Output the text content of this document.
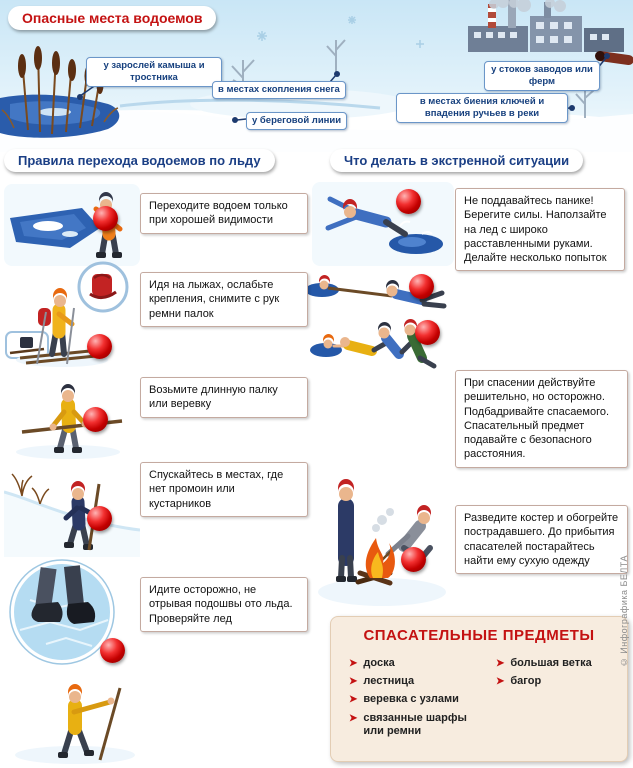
Опасные места водоемов
у зарослей камыша и тростника
в местах скопления снега
у береговой линии
у стоков заводов или ферм
в местах биения ключей и впадения ручьев в реки
Правила перехода водоемов по льду	Что делать в экстренной ситуации
Переходите водоем только при хорошей видимости
Идя на лыжах, ослабьте крепления, снимите с рук ремни палок
Возьмите длинную палку или веревку
Спускайтесь в местах, где нет промоин или кустарников
Идите осторожно, не отрывая подошвы ото льда. Проверяйте лед
Не поддавайтесь панике! Берегите силы. Наползайте на лед с широко расставленными руками. Делайте несколько попыток
При спасении действуйте решительно, но осторожно. Подбадривайте спасаемого. Спасательный предмет подавайте с безопасного расстояния.
Разведите костер и обогрейте пострадавшего. До прибытия спасателей постарайтесь найти ему сухую одежду
СПАСАТЕЛЬНЫЕ ПРЕДМЕТЫ
➤ доска
➤ лестница
➤ веревка с узлами
➤ связанные шарфы или ремни
➤ большая ветка
➤ багор
© Инфографика БЕЛТА
